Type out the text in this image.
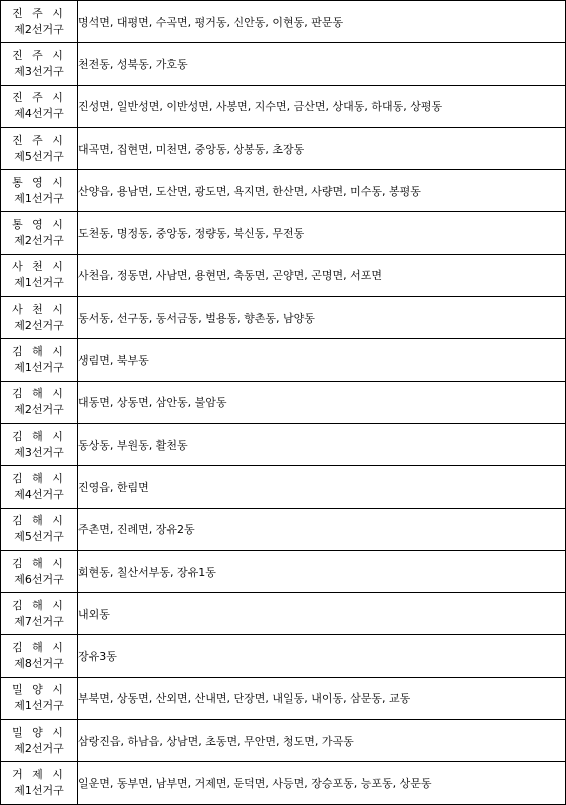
진 주 시
제2선거구	명석면, 대평면, 수곡면, 평거동, 신안동, 이현동, 판문동

진 주 시
제3선거구	천전동, 성북동, 가호동

진 주 시
제4선거구	진성면, 일반성면, 이반성면, 사봉면, 지수면, 금산면, 상대동, 하대동, 상평동

진 주 시
제5선거구	대곡면, 집현면, 미천면, 중앙동, 상봉동, 초장동

통 영 시
제1선거구	산양읍, 용남면, 도산면, 광도면, 욕지면, 한산면, 사량면, 미수동, 봉평동

통 영 시
제2선거구	도천동, 명정동, 중앙동, 정량동, 북신동, 무전동

사 천 시
제1선거구	사천읍, 정동면, 사남면, 용현면, 축동면, 곤양면, 곤명면, 서포면

사 천 시
제2선거구	동서동, 선구동, 동서금동, 벌용동, 향촌동, 남양동

김 해 시
제1선거구	생림면, 북부동

김 해 시
제2선거구	대동면, 상동면, 삼안동, 불암동

김 해 시
제3선거구	동상동, 부원동, 활천동

김 해 시
제4선거구	진영읍, 한림면

김 해 시
제5선거구	주촌면, 진례면, 장유2동

김 해 시
제6선거구	회현동, 칠산서부동, 장유1동

김 해 시
제7선거구	내외동

김 해 시
제8선거구	장유3동

밀 양 시
제1선거구	부북면, 상동면, 산외면, 산내면, 단장면, 내일동, 내이동, 삼문동, 교동

밀 양 시
제2선거구	삼랑진읍, 하남읍, 상남면, 초동면, 무안면, 청도면, 가곡동

거 제 시
제1선거구	일운면, 동부면, 남부면, 거제면, 둔덕면, 사등면, 장승포동, 능포동, 상문동
